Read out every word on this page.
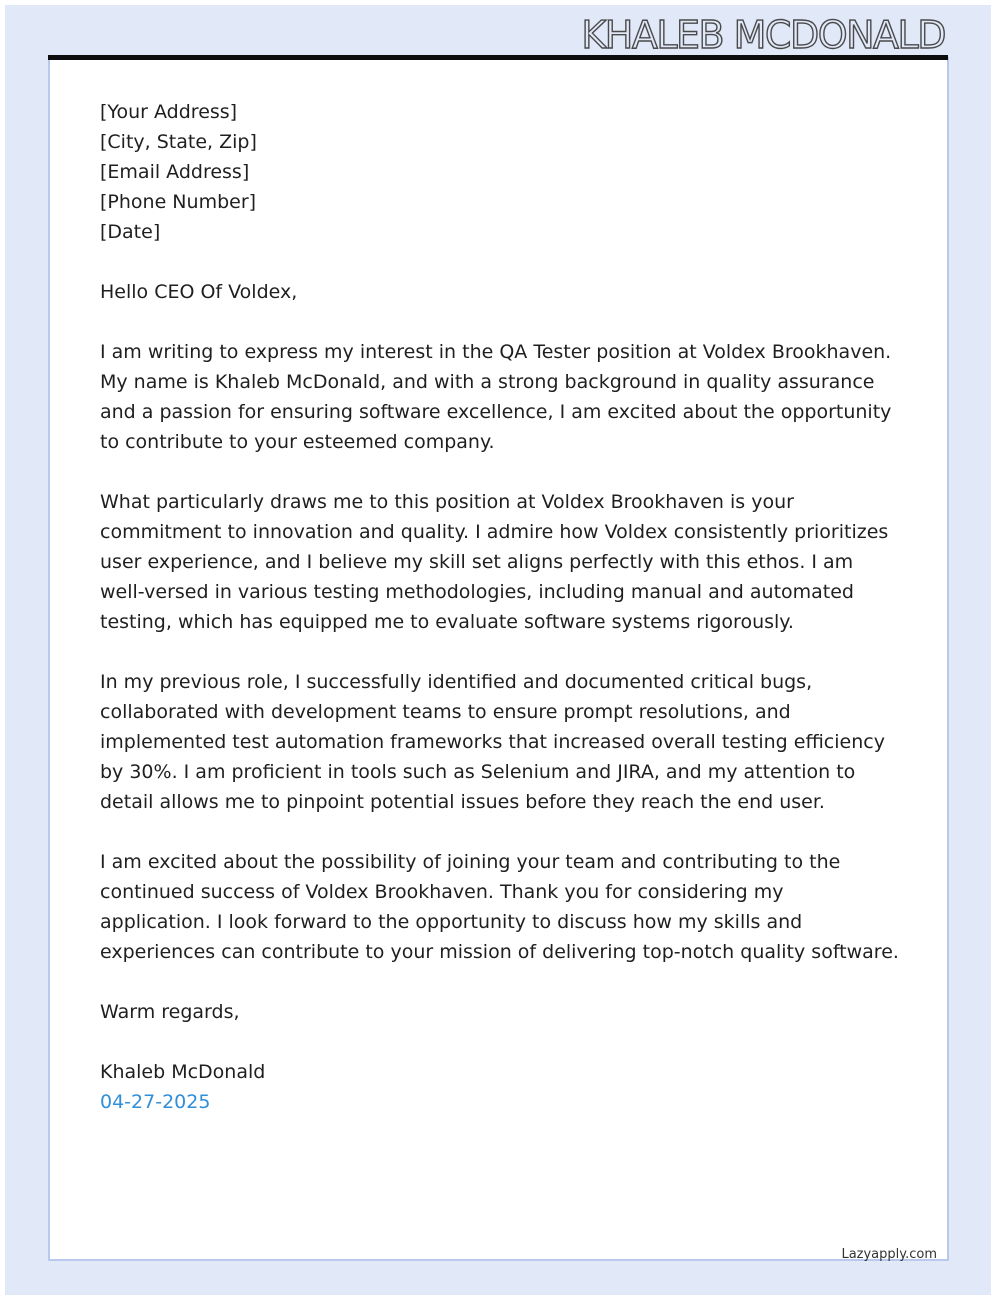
KHALEB MCDONALD

[Your Address]

[City, State, Zip]

[Email Address]

[Phone Number]

[Date]

Hello CEO Of Voldex,

I am writing to express my interest in the QA Tester position at Voldex Brookhaven. My name is Khaleb McDonald, and with a strong background in quality assurance and a passion for ensuring software excellence, I am excited about the opportunity to contribute to your esteemed company.

What particularly draws me to this position at Voldex Brookhaven is your commitment to innovation and quality. I admire how Voldex consistently prioritizes user experience, and I believe my skill set aligns perfectly with this ethos. I am well-versed in various testing methodologies, including manual and automated testing, which has equipped me to evaluate software systems rigorously.

In my previous role, I successfully identified and documented critical bugs, collaborated with development teams to ensure prompt resolutions, and implemented test automation frameworks that increased overall testing efficiency by 30%. I am proficient in tools such as Selenium and JIRA, and my attention to detail allows me to pinpoint potential issues before they reach the end user.

I am excited about the possibility of joining your team and contributing to the continued success of Voldex Brookhaven. Thank you for considering my application. I look forward to the opportunity to discuss how my skills and experiences can contribute to your mission of delivering top-notch quality software.

Warm regards,

Khaleb McDonald

04-27-2025

Lazyapply.com
